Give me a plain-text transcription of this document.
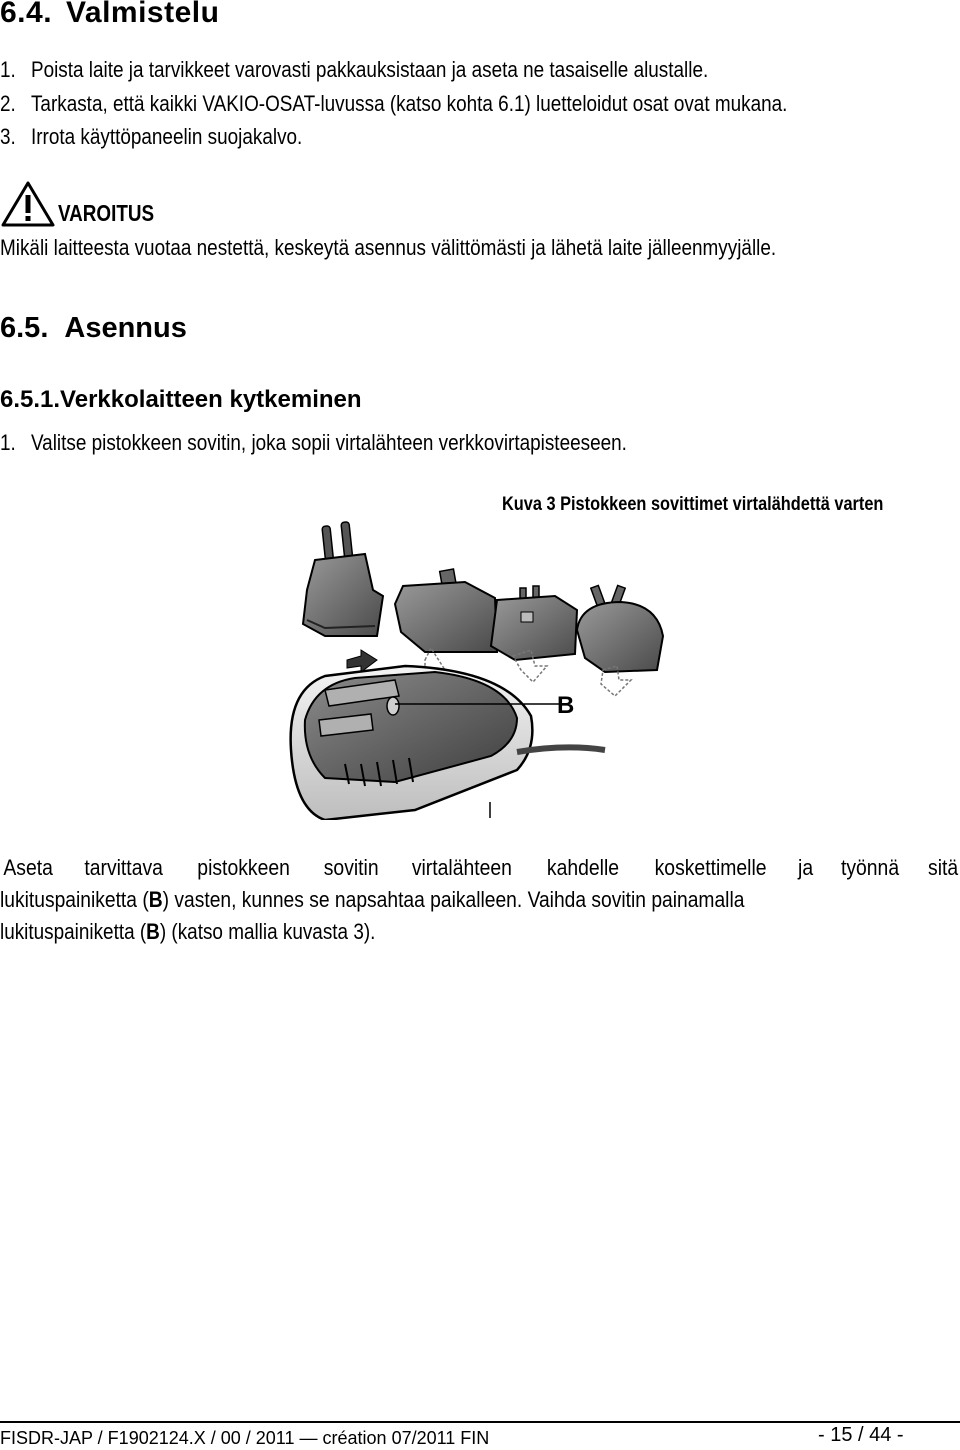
6.4. Valmistelu
1. Poista laite ja tarvikkeet varovasti pakkauksistaan ja aseta ne tasaiselle alustalle.
2. Tarkasta, että kaikki VAKIO-OSAT-luvussa (katso kohta 6.1) luetteloidut osat ovat mukana.
3. Irrota käyttöpaneelin suojakalvo.
VAROITUS
Mikäli laitteesta vuotaa nestettä, keskeytä asennus välittömästi ja lähetä laite jälleenmyyjälle.
6.5. Asennus
6.5.1.Verkkolaitteen kytkeminen
1. Valitse pistokkeen sovitin, joka sopii virtalähteen verkkovirtapisteeseen.
Kuva 3 Pistokkeen sovittimet virtalähdettä varten
B
Aseta tarvittava pistokkeen sovitin virtalähteen kahdelle koskettimelle ja työnnä sitä
lukituspainiketta (B) vasten, kunnes se napsahtaa paikalleen. Vaihda sovitin painamalla
lukituspainiketta (B) (katso mallia kuvasta 3).
FISDR-JAP / F1902124.X / 00 / 2011 — création 07/2011 FIN	- 15 / 44 -
